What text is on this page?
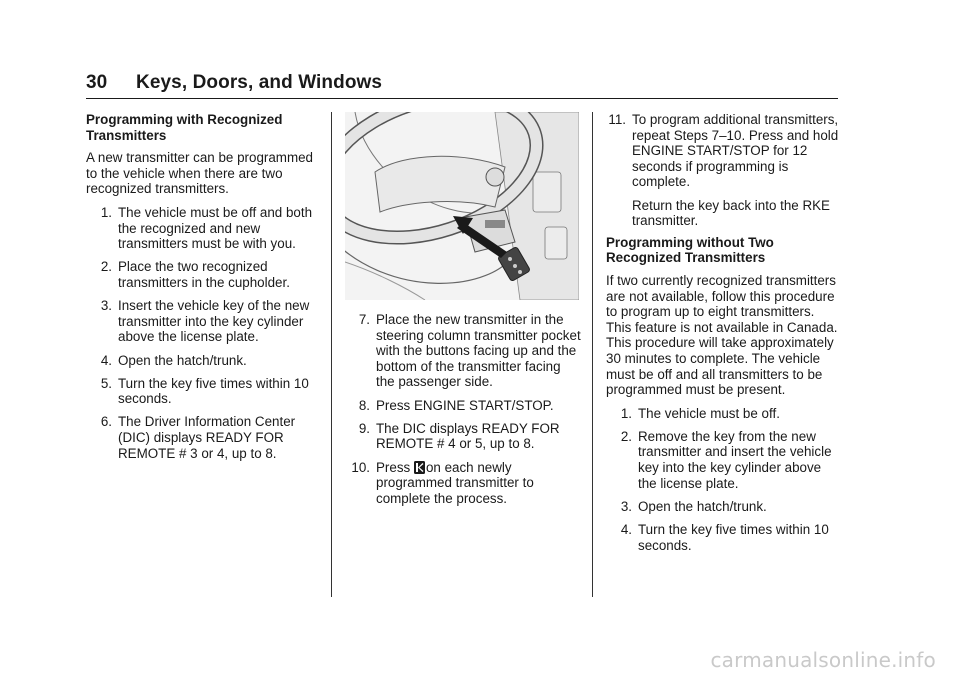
30 Keys, Doors, and Windows

Programming with Recognized Transmitters

A new transmitter can be programmed to the vehicle when there are two recognized transmitters.

1. The vehicle must be off and both the recognized and new transmitters must be with you.
2. Place the two recognized transmitters in the cupholder.
3. Insert the vehicle key of the new transmitter into the key cylinder above the license plate.
4. Open the hatch/trunk.
5. Turn the key five times within 10 seconds.
6. The Driver Information Center (DIC) displays READY FOR REMOTE # 3 or 4, up to 8.
7. Place the new transmitter in the steering column transmitter pocket with the buttons facing up and the bottom of the transmitter facing the passenger side.
8. Press ENGINE START/STOP.
9. The DIC displays READY FOR REMOTE # 4 or 5, up to 8.
10. Press on each newly programmed transmitter to complete the process.
11. To program additional transmitters, repeat Steps 7–10. Press and hold ENGINE START/STOP for 12 seconds if programming is complete.
Return the key back into the RKE transmitter.

Programming without Two Recognized Transmitters

If two currently recognized transmitters are not available, follow this procedure to program up to eight transmitters. This feature is not available in Canada. This procedure will take approximately 30 minutes to complete. The vehicle must be off and all transmitters to be programmed must be present.

1. The vehicle must be off.
2. Remove the key from the new transmitter and insert the vehicle key into the key cylinder above the license plate.
3. Open the hatch/trunk.
4. Turn the key five times within 10 seconds.
carmanualsonline.info
